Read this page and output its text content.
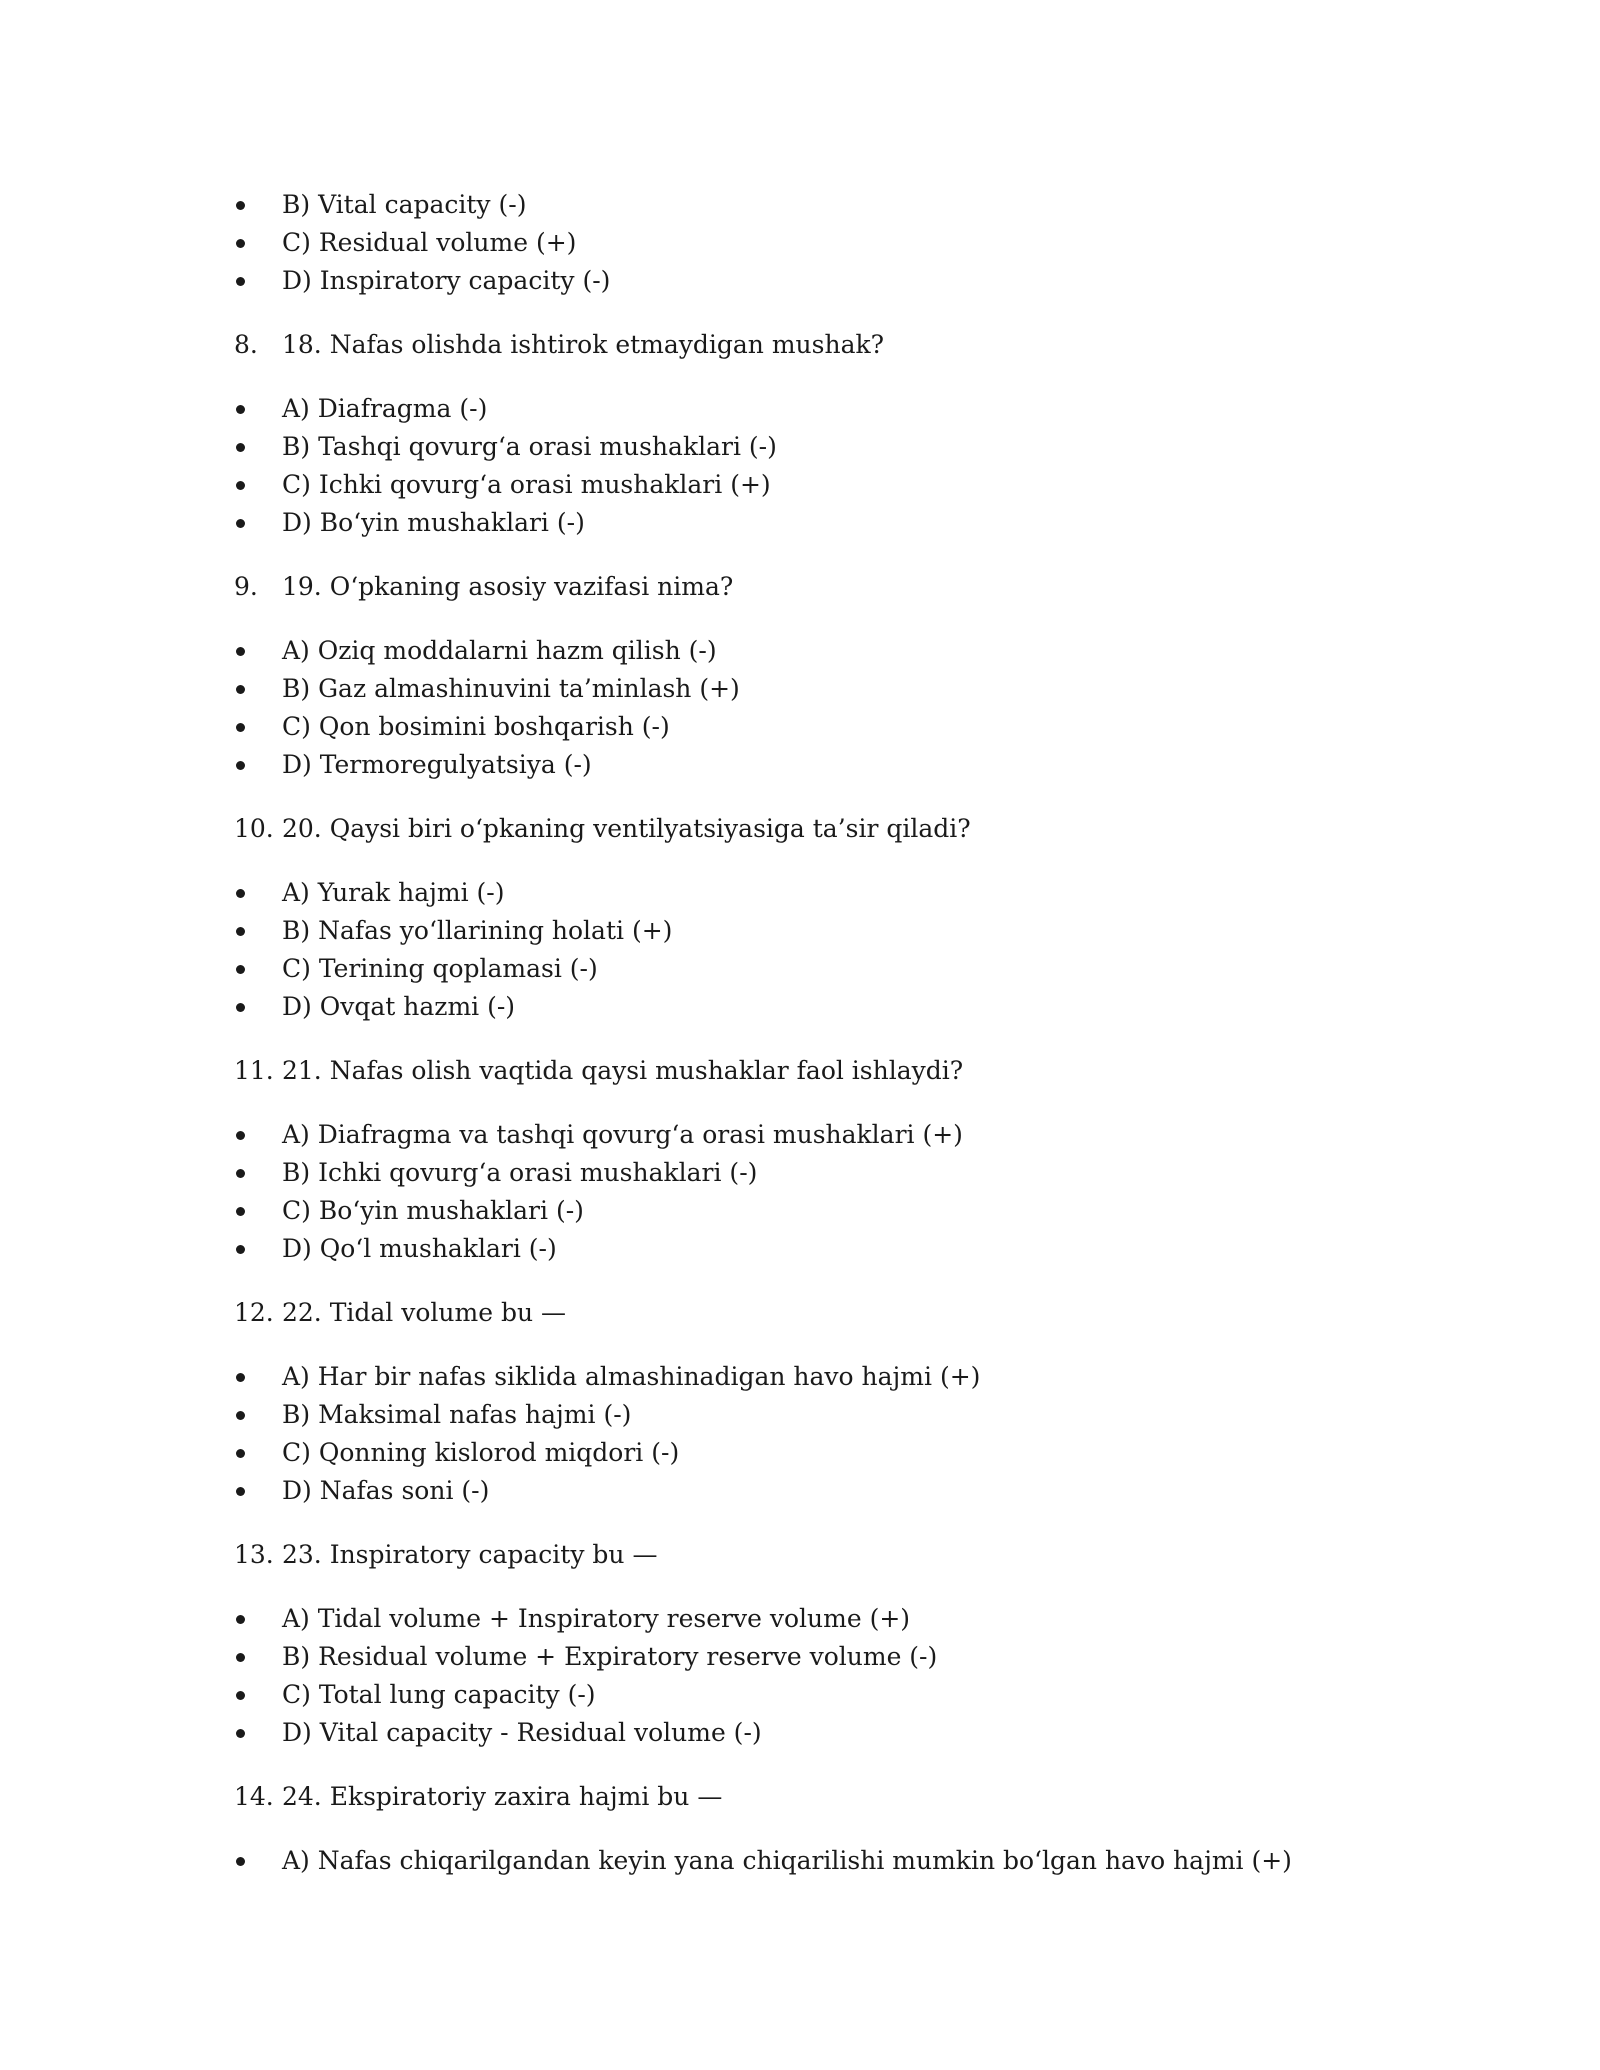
B) Vital capacity (-)
C) Residual volume (+)
D) Inspiratory capacity (-)
8. 18. Nafas olishda ishtirok etmaydigan mushak?
A) Diafragma (-)
B) Tashqi qovurg‘a orasi mushaklari (-)
C) Ichki qovurg‘a orasi mushaklari (+)
D) Bo‘yin mushaklari (-)
9. 19. O‘pkaning asosiy vazifasi nima?
A) Oziq moddalarni hazm qilish (-)
B) Gaz almashinuvini ta’minlash (+)
C) Qon bosimini boshqarish (-)
D) Termoregulyatsiya (-)
10. 20. Qaysi biri o‘pkaning ventilyatsiyasiga ta’sir qiladi?
A) Yurak hajmi (-)
B) Nafas yo‘llarining holati (+)
C) Terining qoplamasi (-)
D) Ovqat hazmi (-)
11. 21. Nafas olish vaqtida qaysi mushaklar faol ishlaydi?
A) Diafragma va tashqi qovurg‘a orasi mushaklari (+)
B) Ichki qovurg‘a orasi mushaklari (-)
C) Bo‘yin mushaklari (-)
D) Qo‘l mushaklari (-)
12. 22. Tidal volume bu —
A) Har bir nafas siklida almashinadigan havo hajmi (+)
B) Maksimal nafas hajmi (-)
C) Qonning kislorod miqdori (-)
D) Nafas soni (-)
13. 23. Inspiratory capacity bu —
A) Tidal volume + Inspiratory reserve volume (+)
B) Residual volume + Expiratory reserve volume (-)
C) Total lung capacity (-)
D) Vital capacity - Residual volume (-)
14. 24. Ekspiratoriy zaxira hajmi bu —
A) Nafas chiqarilgandan keyin yana chiqarilishi mumkin bo‘lgan havo hajmi (+)
